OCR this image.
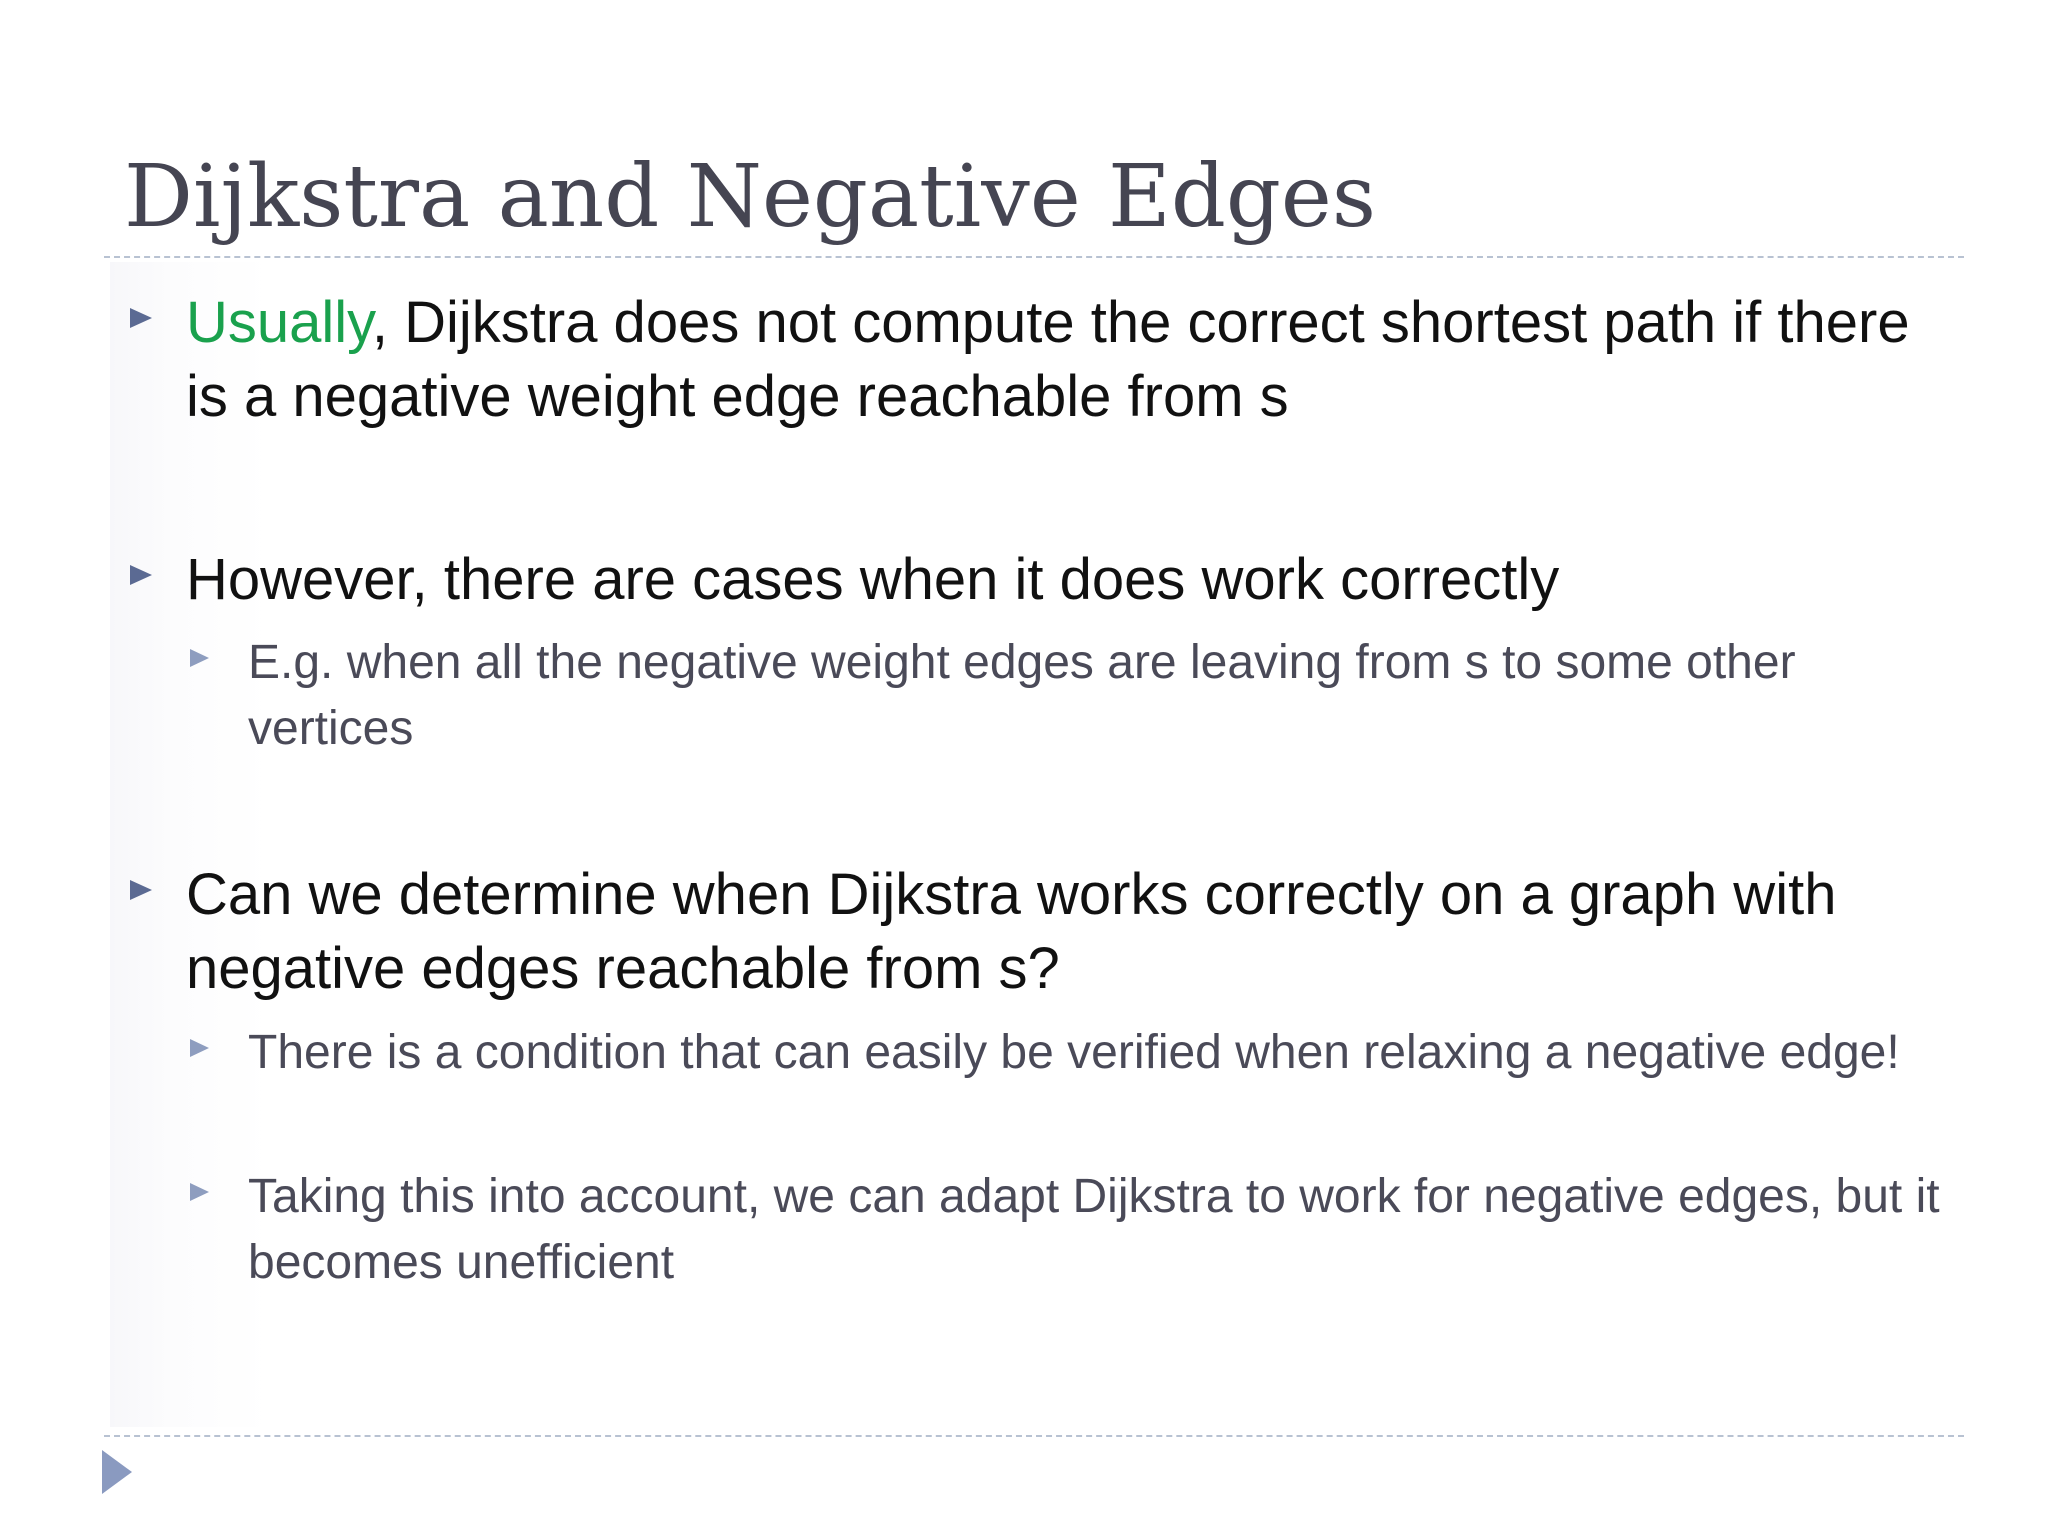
Dijkstra and Negative Edges

Usually, Dijkstra does not compute the correct shortest path if there is a negative weight edge reachable from s

However, there are cases when it does work correctly

E.g. when all the negative weight edges are leaving from s to some other vertices

Can we determine when Dijkstra works correctly on a graph with negative edges reachable from s?

There is a condition that can easily be verified when relaxing a negative edge!

Taking this into account, we can adapt Dijkstra to work for negative edges, but it becomes unefficient
